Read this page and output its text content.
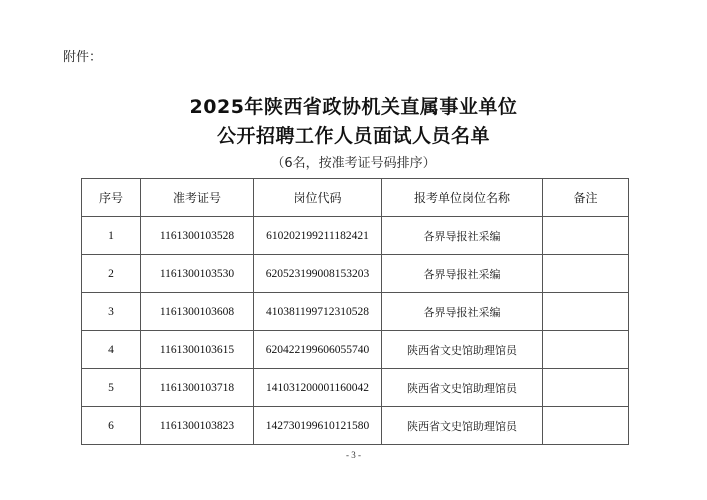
附件：
2025年陕西省政协机关直属事业单位
公开招聘工作人员面试人员名单
（6名，按准考证号码排序）
序号	准考证号	岗位代码	报考单位岗位名称	备注
1	1161300103528	610202199211182421	各界导报社采编	
2	1161300103530	620523199008153203	各界导报社采编	
3	1161300103608	410381199712310528	各界导报社采编	
4	1161300103615	620422199606055740	陕西省文史馆助理馆员	
5	1161300103718	141031200001160042	陕西省文史馆助理馆员	
6	1161300103823	142730199610121580	陕西省文史馆助理馆员	
- 3 -
